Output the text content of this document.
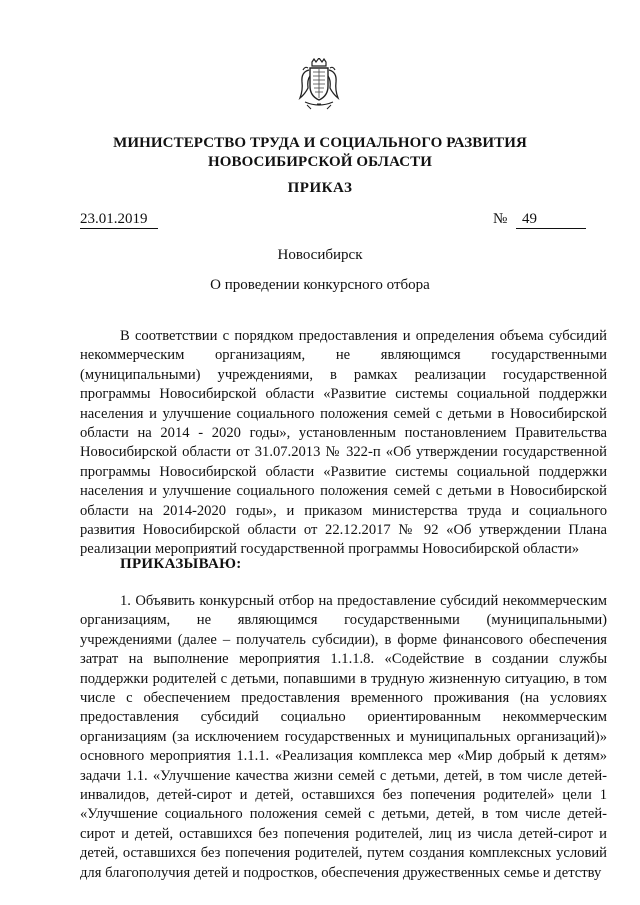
МИНИСТЕРСТВО ТРУДА И СОЦИАЛЬНОГО РАЗВИТИЯ
НОВОСИБИРСКОЙ ОБЛАСТИ
ПРИКАЗ
23.01.2019	№ 49
Новосибирск
О проведении конкурсного отбора

В соответствии с порядком предоставления и определения объема субсидий некоммерческим организациям, не являющимся государственными (муниципальными) учреждениями, в рамках реализации государственной программы Новосибирской области «Развитие системы социальной поддержки населения и улучшение социального положения семей с детьми в Новосибирской области на 2014 - 2020 годы», установленным постановлением Правительства Новосибирской области от 31.07.2013 № 322-п «Об утверждении государственной программы Новосибирской области «Развитие системы социальной поддержки населения и улучшение социального положения семей с детьми в Новосибирской области на 2014-2020 годы», и приказом министерства труда и социального развития Новосибирской области от 22.12.2017 № 92 «Об утверждении Плана реализации мероприятий государственной программы Новосибирской области»

ПРИКАЗЫВАЮ:

1. Объявить конкурсный отбор на предоставление субсидий некоммерческим организациям, не являющимся государственными (муниципальными) учреждениями (далее – получатель субсидии), в форме финансового обеспечения затрат на выполнение мероприятия 1.1.1.8. «Содействие в создании службы поддержки родителей с детьми, попавшими в трудную жизненную ситуацию, в том числе с обеспечением предоставления временного проживания (на условиях предоставления субсидий социально ориентированным некоммерческим организациям (за исключением государственных и муниципальных организаций)» основного мероприятия 1.1.1. «Реализация комплекса мер «Мир добрый к детям» задачи 1.1. «Улучшение качества жизни семей с детьми, детей, в том числе детей-инвалидов, детей-сирот и детей, оставшихся без попечения родителей» цели 1 «Улучшение социального положения семей с детьми, детей, в том числе детей-сирот и детей, оставшихся без попечения родителей, лиц из числа детей-сирот и детей, оставшихся без попечения родителей, путем создания комплексных условий для благополучия детей и подростков, обеспечения дружественных семье и детству
